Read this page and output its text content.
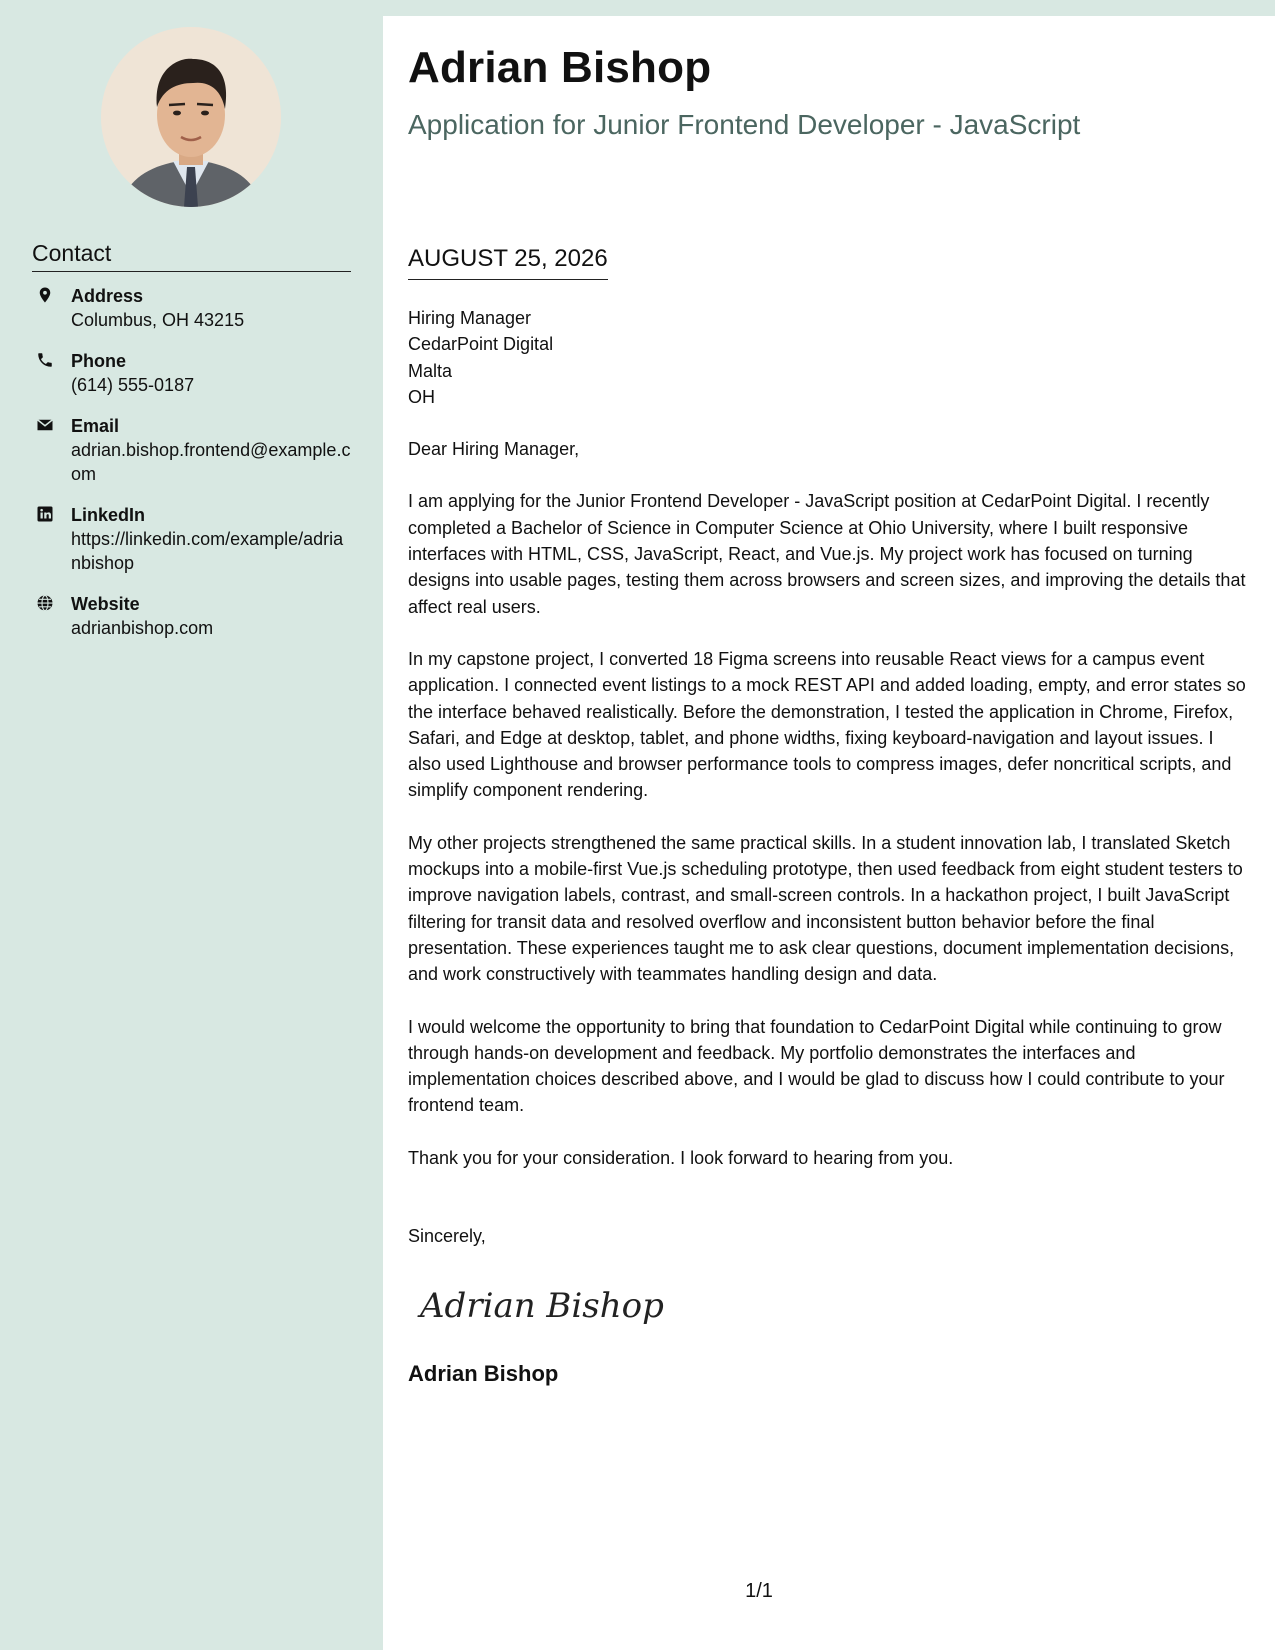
Contact
Address
Columbus, OH 43215
Phone
(614) 555-0187
Email
adrian.bishop.frontend@example.com
LinkedIn
https://linkedin.com/example/adrianbishop
Website
adrianbishop.com
Adrian Bishop
Application for Junior Frontend Developer - JavaScript
AUGUST 25, 2026
Hiring Manager
CedarPoint Digital
Malta
OH

Dear Hiring Manager,

I am applying for the Junior Frontend Developer - JavaScript position at CedarPoint Digital. I recently completed a Bachelor of Science in Computer Science at Ohio University, where I built responsive interfaces with HTML, CSS, JavaScript, React, and Vue.js. My project work has focused on turning designs into usable pages, testing them across browsers and screen sizes, and improving the details that affect real users.

In my capstone project, I converted 18 Figma screens into reusable React views for a campus event application. I connected event listings to a mock REST API and added loading, empty, and error states so the interface behaved realistically. Before the demonstration, I tested the application in Chrome, Firefox, Safari, and Edge at desktop, tablet, and phone widths, fixing keyboard-navigation and layout issues. I also used Lighthouse and browser performance tools to compress images, defer noncritical scripts, and simplify component rendering.

My other projects strengthened the same practical skills. In a student innovation lab, I translated Sketch mockups into a mobile-first Vue.js scheduling prototype, then used feedback from eight student testers to improve navigation labels, contrast, and small-screen controls. In a hackathon project, I built JavaScript filtering for transit data and resolved overflow and inconsistent button behavior before the final presentation. These experiences taught me to ask clear questions, document implementation decisions, and work constructively with teammates handling design and data.

I would welcome the opportunity to bring that foundation to CedarPoint Digital while continuing to grow through hands-on development and feedback. My portfolio demonstrates the interfaces and implementation choices described above, and I would be glad to discuss how I could contribute to your frontend team.

Thank you for your consideration. I look forward to hearing from you.

Sincerely,
Adrian Bishop
Adrian Bishop
1/1
